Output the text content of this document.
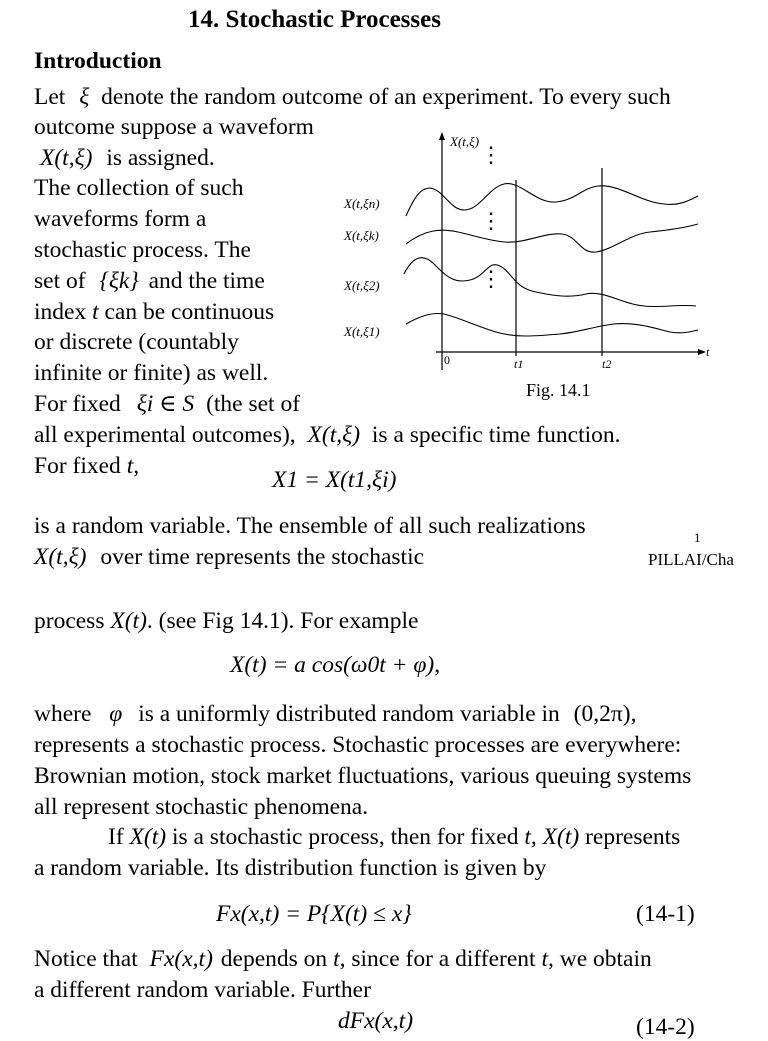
14. Stochastic Processes
Introduction
Let ξ denote the random outcome of an experiment. To every such
outcome suppose a waveform
X(t,ξ) is assigned.
The collection of such
waveforms form a
stochastic process. The
set of {ξk} and the time
index t can be continuous
or discrete (countably
infinite or finite) as well.
For fixed ξi ∈ S (the set of
all experimental outcomes), X(t,ξ) is a specific time function.
For fixed t,
X1 = X(t1,ξi)
is a random variable. The ensemble of all such realizations
X(t,ξ) over time represents the stochastic
1
PILLAI/Cha
process X(t). (see Fig 14.1). For example
X(t) = a cos(ω0t + φ),
where φ is a uniformly distributed random variable in (0,2π),
represents a stochastic process. Stochastic processes are everywhere:
Brownian motion, stock market fluctuations, various queuing systems
all represent stochastic phenomena.
If X(t) is a stochastic process, then for fixed t, X(t) represents
a random variable. Its distribution function is given by
Fx(x,t) = P{X(t) ≤ x}	(14-1)
Notice that Fx(x,t) depends on t, since for a different t, we obtain
a different random variable. Further
dFx(x,t)	(14-2)
⋮
⋮
⋮
X(t,ξ)
t
0	t1	t2
X(t,ξn)
X(t,ξk)
X(t,ξ2)
X(t,ξ1)
Fig. 14.1
